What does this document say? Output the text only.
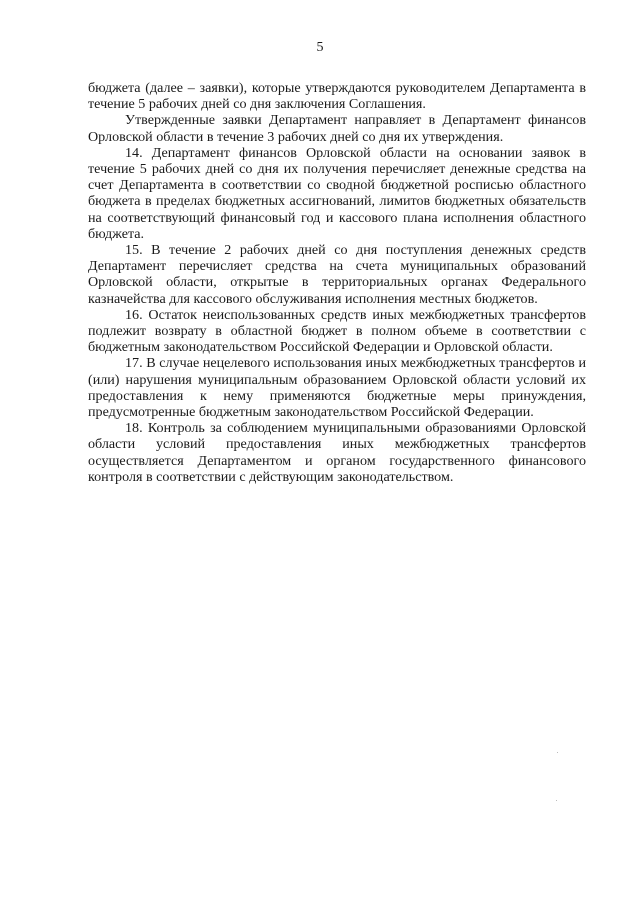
5

бюджета (далее – заявки), которые утверждаются руководителем Департамента в течение 5 рабочих дней со дня заключения Соглашения.

Утвержденные заявки Департамент направляет в Департамент финансов Орловской области в течение 3 рабочих дней со дня их утверждения.

14. Департамент финансов Орловской области на основании заявок в течение 5 рабочих дней со дня их получения перечисляет денежные средства на счет Департамента в соответствии со сводной бюджетной росписью областного бюджета в пределах бюджетных ассигнований, лимитов бюджетных обязательств на соответствующий финансовый год и кассового плана исполнения областного бюджета.

15. В течение 2 рабочих дней со дня поступления денежных средств Департамент перечисляет средства на счета муниципальных образований Орловской области, открытые в территориальных органах Федерального казначейства для кассового обслуживания исполнения местных бюджетов.

16. Остаток неиспользованных средств иных межбюджетных трансфертов подлежит возврату в областной бюджет в полном объеме в соответствии с бюджетным законодательством Российской Федерации и Орловской области.

17. В случае нецелевого использования иных межбюджетных трансфертов и (или) нарушения муниципальным образованием Орловской области условий их предоставления к нему применяются бюджетные меры принуждения, предусмотренные бюджетным законодательством Российской Федерации.

18. Контроль за соблюдением муниципальными образованиями Орловской области условий предоставления иных межбюджетных трансфертов осуществляется Департаментом и органом государственного финансового контроля в соответствии с действующим законодательством.
